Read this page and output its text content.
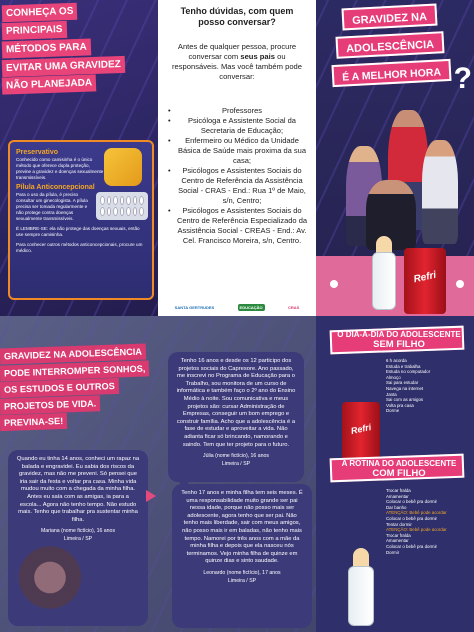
CONHEÇA OS
PRINCIPAIS
MÉTODOS PARA
EVITAR UMA GRAVIDEZ
NÃO PLANEJADA
Preservativo

Conhecido como camisinha é o único método que oferece dupla proteção, previne a gravidez e doenças sexualmente transmissíveis.

Pílula Anticoncepcional

Para o uso da pílula, é preciso consultar um ginecologista. A pílula precisa ser tomada regularmente e não protege contra doenças sexualmente transmissíveis.

É LEMBRE-SE: ela não protege das doenças sexuais, então use sempre camisinha.

Para conhecer outros métodos anticoncepcionais, procure um médico.

Tenho dúvidas, com quem posso conversar?
Antes de qualquer pessoa, procure conversar com seus pais ou responsáveis. Mas você também pode conversar:
• Professores
• Psicóloga e Assistente Social da Secretaria de Educação;
• Enfermeiro ou Médico da Unidade Básica de Saúde mais proxima da sua casa;
• Psicólogos e Assistentes Sociais do Centro de Referência da Assistência Social - CRAS - End.: Rua 1º de Maio, s/n, Centro;
• Psicólogos e Assistentes Sociais do Centro de Referência Especializado da Assistência Social - CREAS - End.: Av. Cel. Francisco Moreira, s/n, Centro.
SANTA GERTRUDES	EDUCAÇÃO	CRAS
GRAVIDEZ NA
ADOLESCÊNCIA
É A MELHOR HORA ?
Refri
GRAVIDEZ NA ADOLESCÊNCIA
PODE INTERROMPER SONHOS,
OS ESTUDOS E OUTROS
PROJETOS DE VIDA.
PREVINA-SE!

Quando eu tinha 14 anos, conheci um rapaz na balada e engravidei. Eu sabia dos riscos da gravidez, mas não me preveni. Só pensei que iria sair da festa e voltar pra casa. Minha vida mudou muito com a chegada da minha filha. Antes eu saía com as amigas, ia para a escola... Agora não tenho tempo. Não estudo mais. Tenho que trabalhar pra sustentar minha filha.

Mariana (nome fictício), 16 anos

Limeira / SP

Tenho 16 anos e desde os 12 participo dos projetos sociais do Capresore. Ano passado, me inscrevi no Programa de Educação para o Trabalho, sou monitora de um curso de informática e também faço o 2º ano do Ensino Médio à noite. Sou comunicativa e meus projetos são: cursar Administração de Empresas, conseguir um bom emprego e construir família. Acho que a adolescência é a fase de estudar e aproveitar a vida. Não adianta ficar só brincando, namorando e saindo. Tem que ter projeto para o futuro.

Júlia (nome fictício), 16 anos

Limeira / SP

Tenho 17 anos e minha filha tem seis meses. É uma responsabilidade muito grande ser pai nessa idade, porque não posso mais ser adolescente, agora tenho que ser pai. Não tenho mais liberdade, sair com meus amigos, não posso mais ir em baladas, não tenho mais tempo. Namorei por três anos com a mãe da minha filha e depois que ela nasceu nós terminamos. Vejo minha filha de quinze em quinze dias e sinto saudade.

Leonardo (nome fictício), 17 anos

Limeira / SP

O DIA-A-DIA DO ADOLESCENTE
SEM FILHO
6 h acorda
Estuda e trabalha
Estuda no computador
Almoço
Sai para estudar
Navega na internet
Janta
Sai com as amigos
Volta pra casa
Dorme
Refri
A ROTINA DO ADOLESCENTE
COM FILHO
Trocar fralda
Amamentar
Colocar o bebê pra dormir
Dar banho
ATENÇÃO: Bebê pode acordar
Colocar o bebê pra dormir
Tentar dormir
ATENÇÃO: Bebê pode acordar
Trocar fralda
Amamentar
Colocar o bebê pra dormir
Dormir
